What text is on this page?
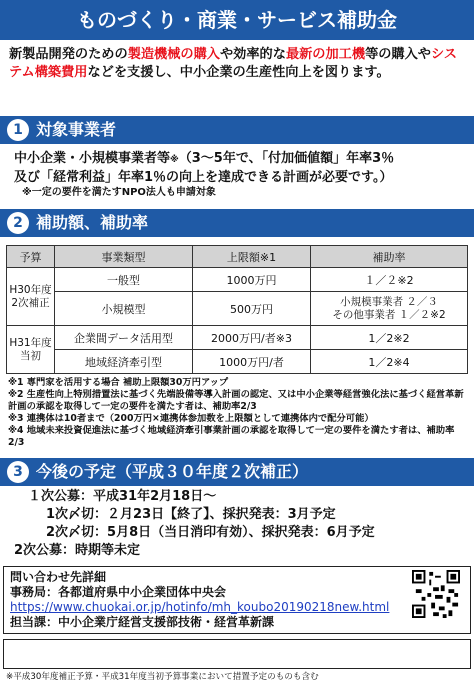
ものづくり・商業・サービス補助金
新製品開発のための製造機械の購入や効率的な最新の加工機等の購入やシステム構築費用などを支援し、中小企業の生産性向上を図ります。
1 対象事業者
中小企業・小規模事業者等※（3～5年で、「付加価値額」年率3％
及び「経常利益」年率1％の向上を達成できる計画が必要です。）
※一定の要件を満たすNPO法人も申請対象
2 補助額、補助率
予算	事業類型	上限額※1	補助率
H30年度2次補正	一般型	1000万円	１／２※2
	小規模型	500万円	小規模事業者 ２／３
その他事業者 １／２※2

H31年度当初	企業間データ活用型	2000万円/者※3	1／2※2
	地域経済牽引型	1000万円/者	1／2※4
※1 専門家を活用する場合 補助上限額30万円アップ
※2 生産性向上特別措置法に基づく先端設備等導入計画の認定、又は中小企業等経営強化法に基づく経営革新計画の承認を取得して一定の要件を満たす者は、補助率2/3
※3 連携体は10者まで（200万円×連携体参加数を上限額として連携体内で配分可能）
※4 地域未来投資促進法に基づく地域経済牽引事業計画の承認を取得して一定の要件を満たす者は、補助率2/3
3 今後の予定（平成３０年度２次補正）
１次公募：平成31年2月18日～
1次〆切：２月23日【終了】、採択発表：3月予定
2次〆切：5月8日（当日消印有効）、採択発表：6月予定
2次公募：時期等未定
問い合わせ先詳細
事務局：各都道府県中小企業団体中央会
https://www.chuokai.or.jp/hotinfo/mh_koubo20190218new.html
担当課：中小企業庁経営支援部技術・経営革新課
※平成30年度補正予算・平成31年度当初予算事業において措置予定のものも含む
